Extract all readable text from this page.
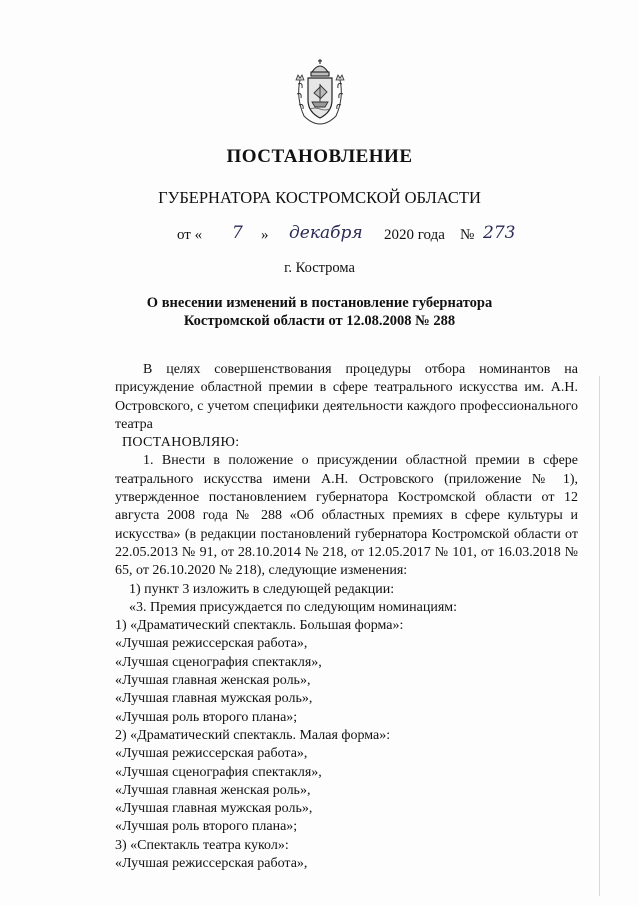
ПОСТАНОВЛЕНИЕ
ГУБЕРНАТОРА КОСТРОМСКОЙ ОБЛАСТИ
от « 7 » декабря 2020 года № 273
г. Кострома
О внесении изменений в постановление губернатора
Костромской области от 12.08.2008 № 288

В целях совершенствования процедуры отбора номинантов на присуждение областной премии в сфере театрального искусства им. А.Н. Островского, с учетом специфики деятельности каждого профессионального театра

ПОСТАНОВЛЯЮ:

1. Внести в положение о присуждении областной премии в сфере театрального искусства имени А.Н. Островского (приложение № 1), утвержденное постановлением губернатора Костромской области от 12 августа 2008 года № 288 «Об областных премиях в сфере культуры и искусства» (в редакции постановлений губернатора Костромской области от 22.05.2013 № 91, от 28.10.2014 № 218, от 12.05.2017 № 101, от 16.03.2018 № 65, от 26.10.2020 № 218), следующие изменения:

1) пункт 3 изложить в следующей редакции:

«3. Премия присуждается по следующим номинациям:

1) «Драматический спектакль. Большая форма»:

«Лучшая режиссерская работа»,

«Лучшая сценография спектакля»,

«Лучшая главная женская роль»,

«Лучшая главная мужская роль»,

«Лучшая роль второго плана»;

2) «Драматический спектакль. Малая форма»:

«Лучшая режиссерская работа»,

«Лучшая сценография спектакля»,

«Лучшая главная женская роль»,

«Лучшая главная мужская роль»,

«Лучшая роль второго плана»;

3) «Спектакль театра кукол»:

«Лучшая режиссерская работа»,
